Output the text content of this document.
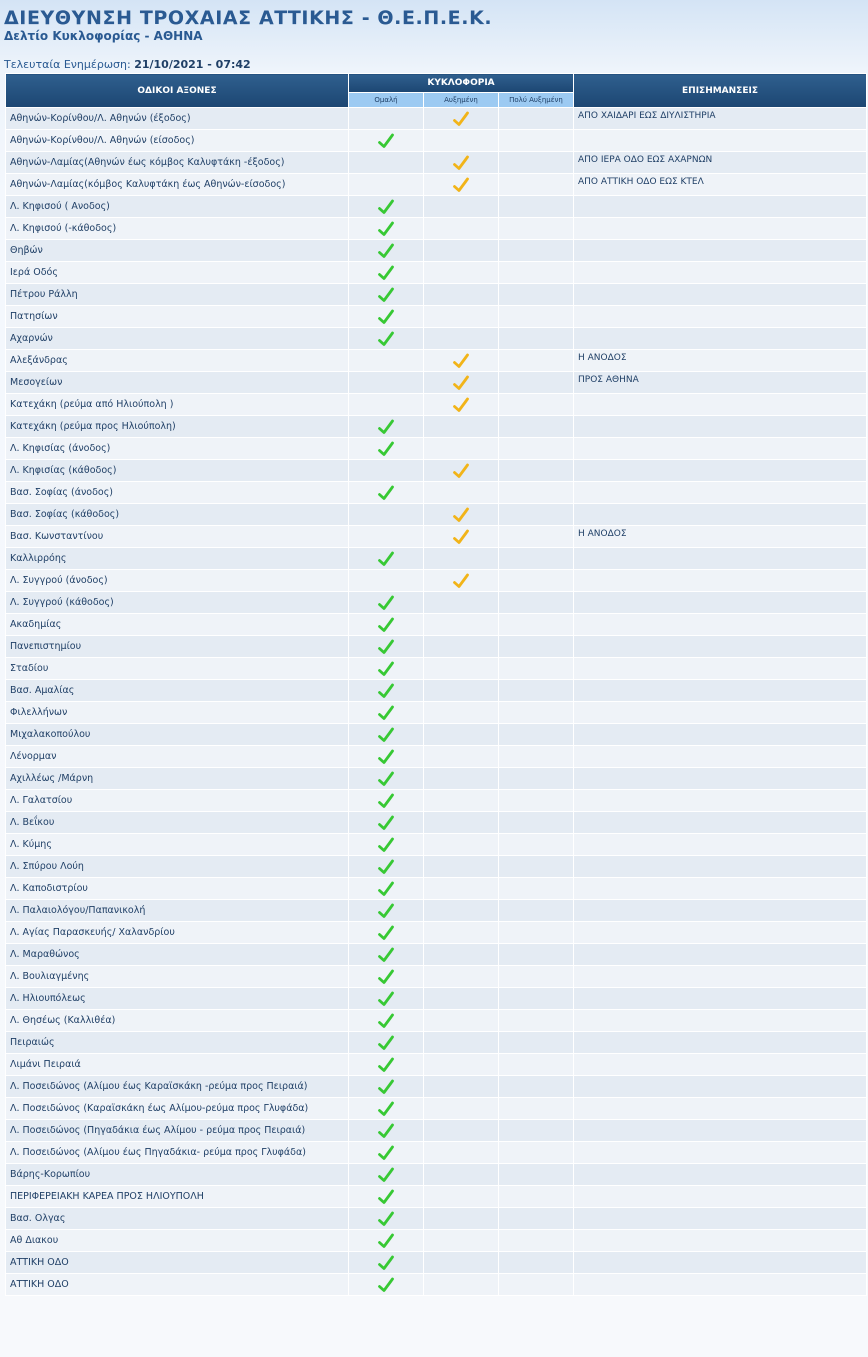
ΔΙΕΥΘΥΝΣΗ ΤΡΟΧΑΙΑΣ ΑΤΤΙΚΗΣ - Θ.Ε.Π.Ε.Κ.
Δελτίο Κυκλοφορίας - ΑΘΗΝΑ
Τελευταία Ενημέρωση: 21/10/2021 - 07:42
ΟΔΙΚΟΙ ΑΞΟΝΕΣ	ΚΥΚΛΟΦΟΡΙΑ			ΕΠΙΣΗΜΑΝΣΕΙΣ
	Ομαλή	Αυξημένη	Πολύ Αυξημένη	
Αθηνών-Κορίνθου/Λ. Αθηνών (έξοδος)				ΑΠΟ ΧΑΙΔΑΡΙ ΕΩΣ ΔΙΥΛΙΣΤΗΡΙΑ
Αθηνών-Κορίνθου/Λ. Αθηνών (είσοδος)				
Αθηνών-Λαμίας(Αθηνών έως κόμβος Καλυφτάκη -έξοδος)				ΑΠΟ ΙΕΡΑ ΟΔΟ ΕΩΣ ΑΧΑΡΝΩΝ
Αθηνών-Λαμίας(κόμβος Καλυφτάκη έως Αθηνών-είσοδος)				ΑΠΟ ΑΤΤΙΚΗ ΟΔΟ ΕΩΣ ΚΤΕΛ
Λ. Κηφισού ( Ανοδος)				
Λ. Κηφισού (-κάθοδος)				
Θηβών				
Ιερά Οδός				
Πέτρου Ράλλη				
Πατησίων				
Αχαρνών				
Αλεξάνδρας				Η ΑΝΟΔΟΣ
Μεσογείων				ΠΡΟΣ ΑΘΗΝΑ
Κατεχάκη (ρεύμα από Ηλιούπολη )				
Κατεχάκη (ρεύμα προς Ηλιούπολη)				
Λ. Κηφισίας (άνοδος)				
Λ. Κηφισίας (κάθοδος)				
Βασ. Σοφίας (άνοδος)				
Βασ. Σοφίας (κάθοδος)				
Βασ. Κωνσταντίνου				Η ΑΝΟΔΟΣ
Καλλιρρόης				
Λ. Συγγρού (άνοδος)				
Λ. Συγγρού (κάθοδος)				
Ακαδημίας				
Πανεπιστημίου				
Σταδίου				
Βασ. Αμαλίας				
Φιλελλήνων				
Μιχαλακοπούλου				
Λένορμαν				
Αχιλλέως /Μάρνη				
Λ. Γαλατσίου				
Λ. Βεΐκου				
Λ. Κύμης				
Λ. Σπύρου Λούη				
Λ. Καποδιστρίου				
Λ. Παλαιολόγου/Παπανικολή				
Λ. Αγίας Παρασκευής/ Χαλανδρίου				
Λ. Μαραθώνος				
Λ. Βουλιαγμένης				
Λ. Ηλιουπόλεως				
Λ. Θησέως (Καλλιθέα)				
Πειραιώς				
Λιμάνι Πειραιά				
Λ. Ποσειδώνος (Αλίμου έως Καραϊσκάκη -ρεύμα προς Πειραιά)				
Λ. Ποσειδώνος (Καραϊσκάκη έως Αλίμου-ρεύμα προς Γλυφάδα)				
Λ. Ποσειδώνος (Πηγαδάκια έως Αλίμου - ρεύμα προς Πειραιά)				
Λ. Ποσειδώνος (Αλίμου έως Πηγαδάκια- ρεύμα προς Γλυφάδα)				
Βάρης-Κορωπίου				
ΠΕΡΙΦΕΡΕΙΑΚΗ ΚΑΡΕΑ ΠΡΟΣ ΗΛΙΟΥΠΟΛΗ				
Βασ. Ολγας				
Αθ Διακου				
ΑΤΤΙΚΗ ΟΔΟ				
ΑΤΤΙΚΗ ΟΔΟ				
